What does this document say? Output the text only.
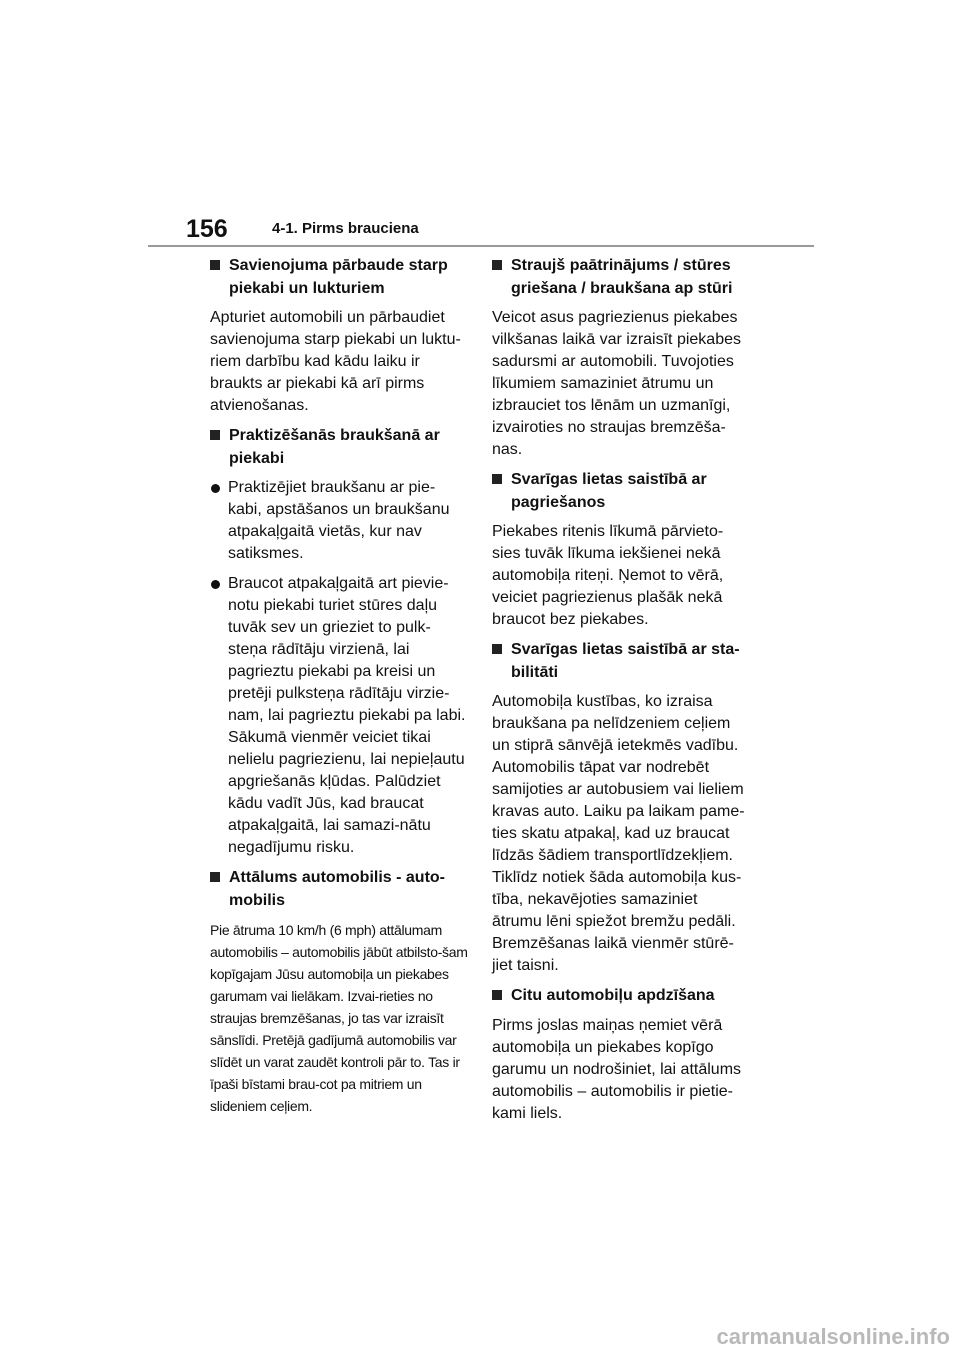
156	4-1. Pirms brauciena
Savienojuma pārbaude starp piekabi un lukturiem
Apturiet automobili un pārbaudiet savienojuma starp piekabi un luktu-riem darbību kad kādu laiku ir braukts ar piekabi kā arī pirms atvienošanas.
Praktizēšanās braukšanā ar piekabi
Praktizējiet braukšanu ar pie-kabi, apstāšanos un braukšanu atpakaļgaitā vietās, kur nav satiksmes.
Braucot atpakaļgaitā art pievie-notu piekabi turiet stūres daļu tuvāk sev un grieziet to pulk-steņa rādītāju virzienā, lai pagrieztu piekabi pa kreisi un pretēji pulksteņa rādītāju virzie-nam, lai pagrieztu piekabi pa labi. Sākumā vienmēr veiciet tikai nelielu pagriezienu, lai nepieļautu apgriešanās kļūdas. Palūdziet kādu vadīt Jūs, kad braucat atpakaļgaitā, lai samazi-nātu negadījumu risku.
Attālums automobilis - auto-mobilis
Pie ātruma 10 km/h (6 mph) attālumam automobilis – automobilis jābūt atbilsto-šam kopīgajam Jūsu automobiļa un piekabes garumam vai lielākam. Izvai-rieties no straujas bremzēšanas, jo tas var izraisīt sānslīdi. Pretējā gadījumā automobilis var slīdēt un varat zaudēt kontroli pār to. Tas ir īpaši bīstami brau-cot pa mitriem un slideniem ceļiem.
Straujš paātrinājums / stūres griešana / braukšana ap stūri
Veicot asus pagriezienus piekabes vilkšanas laikā var izraisīt piekabes sadursmi ar automobili. Tuvojoties līkumiem samaziniet ātrumu un izbrauciet tos lēnām un uzmanīgi, izvairoties no straujas bremzēša-nas.
Svarīgas lietas saistībā ar pagriešanos
Piekabes ritenis līkumā pārvieto-sies tuvāk līkuma iekšienei nekā automobiļa riteņi. Ņemot to vērā, veiciet pagriezienus plašāk nekā braucot bez piekabes.
Svarīgas lietas saistībā ar sta-bilitāti
Automobiļa kustības, ko izraisa braukšana pa nelīdzeniem ceļiem un stiprā sānvējā ietekmēs vadību. Automobilis tāpat var nodrebēt samijoties ar autobusiem vai lieliem kravas auto. Laiku pa laikam pame-ties skatu atpakaļ, kad uz braucat līdzās šādiem transportlīdzekļiem. Tiklīdz notiek šāda automobiļa kus-tība, nekavējoties samaziniet ātrumu lēni spiežot bremžu pedāli. Bremzēšanas laikā vienmēr stūrē-jiet taisni.
Citu automobiļu apdzīšana
Pirms joslas maiņas ņemiet vērā automobiļa un piekabes kopīgo garumu un nodrošiniet, lai attālums automobilis – automobilis ir pietie-kami liels.
carmanualsonline.info
